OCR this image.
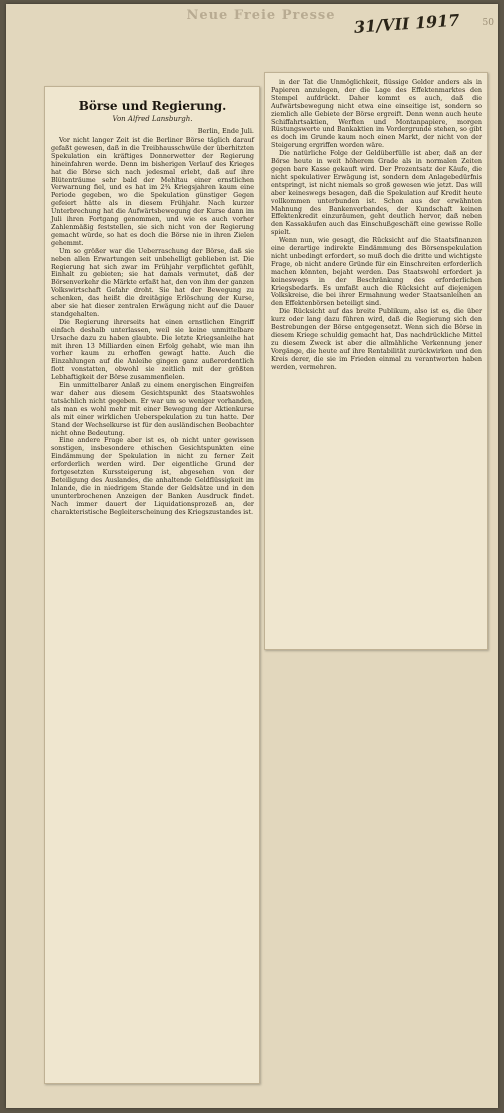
Neue Freie Presse 31/VII 1917	50
Börse und Regierung.
Von Alfred Lansburgh.
Berlin, Ende Juli.

Vor nicht langer Zeit ist die Berliner Börse täglich darauf gefaßt gewesen, daß in die Treibhausschwüle der überhitzten Spekulation ein kräftiges Donnerwetter der Regierung hineinfahren werde. Denn im bisherigen Verlauf des Krieges hat die Börse sich nach jedesmal erlebt, daß auf ihre Blütenträume sehr bald der Mehltau einer ernstlichen Verwarnung fiel, und es hat im 2¾ Kriegsjahren kaum eine Periode gegeben, wo die Spekulation günstiger Gegen gefeiert hätte als in diesem Frühjahr. Nach kurzer Unterbrechung hat die Aufwärtsbewegung der Kurse dann im Juli ihren Fortgang genommen, und wie es auch vorher Zahlenmäßig feststellen, sie sich nicht von der Regierung gemacht würde, so hat es doch die Börse nie in ihren Zielen gehemmt.

Um so größer war die Ueberraschung der Börse, daß sie neben allen Erwartungen seit unbehelligt geblieben ist. Die Regierung hat sich zwar im Frühjahr verpflichtet gefühlt, Einhalt zu gebieten; sie hat damals vermutet, daß der Börsenverkehr die Märkte erfaßt hat, den von ihm der ganzen Volkswirtschaft Gefahr droht. Sie hat der Bewegung zu schenken, das heißt die dreitägige Erlöschung der Kurse, aber sie hat dieser zentralen Erwägung nicht auf die Dauer standgehalten.

Die Regierung ihrerseits hat einen ernstlichen Eingriff einfach deshalb unterlassen, weil sie keine unmittelbare Ursache dazu zu haben glaubte. Die letzte Kriegsanleihe hat mit ihren 13 Milliarden einen Erfolg gehabt, wie man ihn vorher kaum zu erhoffen gewagt hatte. Auch die Einzahlungen auf die Anleihe gingen ganz außerordentlich flott vonstatten, obwohl sie zeitlich mit der größten Lebhaftigkeit der Börse zusammenfielen.

Ein unmittelbarer Anlaß zu einem energischen Eingreifen war daher aus diesem Gesichtspunkt des Staatswohles tatsächlich nicht gegeben. Er war um so weniger vorhanden, als man es wohl mehr mit einer Bewegung der Aktienkurse als mit einer wirklichen Ueberspekulation zu tun hatte. Der Stand der Wechselkurse ist für den ausländischen Beobachter nicht ohne Bedeutung.

Eine andere Frage aber ist es, ob nicht unter gewissen sonstigen, insbesondere ethischen Gesichtspunkten eine Eindämmung der Spekulation in nicht zu ferner Zeit erforderlich werden wird. Der eigentliche Grund der fortgesetzten Kurssteigerung ist, abgesehen von der Beteiligung des Auslandes, die anhaltende Geldflüssigkeit im Inlande, die in niedrigem Stande der Geldsätze und in den ununterbrochenen Anzeigen der Banken Ausdruck findet. Nach immer dauert der Liquidationsprozeß an, der charakteristische Begleiterscheinung des Kriegszustandes ist.

in der Tat die Unmöglichkeit, flüssige Gelder anders als in Papieren anzulegen, der die Lage des Effektenmarktes den Stempel aufdrückt. Daher kommt es auch, daß die Aufwärtsbewegung nicht etwa eine einseitige ist, sondern so ziemlich alle Gebiete der Börse ergreift. Denn wenn auch heute Schiffahrtsaktien, Werften und Montanpapiere, morgen Rüstungswerte und Bankaktien im Vordergrunde stehen, so gibt es doch im Grunde kaum noch einen Markt, der nicht von der Steigerung ergriffen worden wäre.

Die natürliche Folge der Geldüberfülle ist aber, daß an der Börse heute in weit höherem Grade als in normalen Zeiten gegen bare Kasse gekauft wird. Der Prozentsatz der Käufe, die nicht spekulativer Erwägung ist, sondern dem Anlagebedürfnis entspringt, ist nicht niemals so groß gewesen wie jetzt. Das will aber keineswegs besagen, daß die Spekulation auf Kredit heute vollkommen unterbunden ist. Schon aus der erwähnten Mahnung des Bankenverbandes, der Kundschaft keinen Effektenkredit einzuräumen, geht deutlich hervor, daß neben den Kassakäufen auch das Einschußgeschäft eine gewisse Rolle spielt.

Wenn nun, wie gesagt, die Rücksicht auf die Staatsfinanzen eine derartige indirekte Eindämmung des Börsenspekulation nicht unbedingt erfordert, so muß doch die dritte und wichtigste Frage, ob nicht andere Gründe für ein Einschreiten erforderlich machen könnten, bejaht werden. Das Staatswohl erfordert ja keineswegs in der Beschränkung des erforderlichen Kriegsbedarfs. Es umfaßt auch die Rücksicht auf diejenigen Volkskreise, die bei ihrer Ermahnung weder Staatsanleihen an den Effektenbörsen beteiligt sind.

Die Rücksicht auf das breite Publikum, also ist es, die über kurz oder lang dazu führen wird, daß die Regierung sich den Bestrebungen der Börse entgegensetzt. Wenn sich die Börse in diesem Kriege schuldig gemacht hat, Das nachdrückliche Mittel zu diesem Zweck ist aber die allmähliche Verkennung jener Vorgänge, die heute auf ihre Rentabilität zurückwirken und den Kreis derer, die sie im Frieden einmal zu verantworten haben werden, vermehren.
